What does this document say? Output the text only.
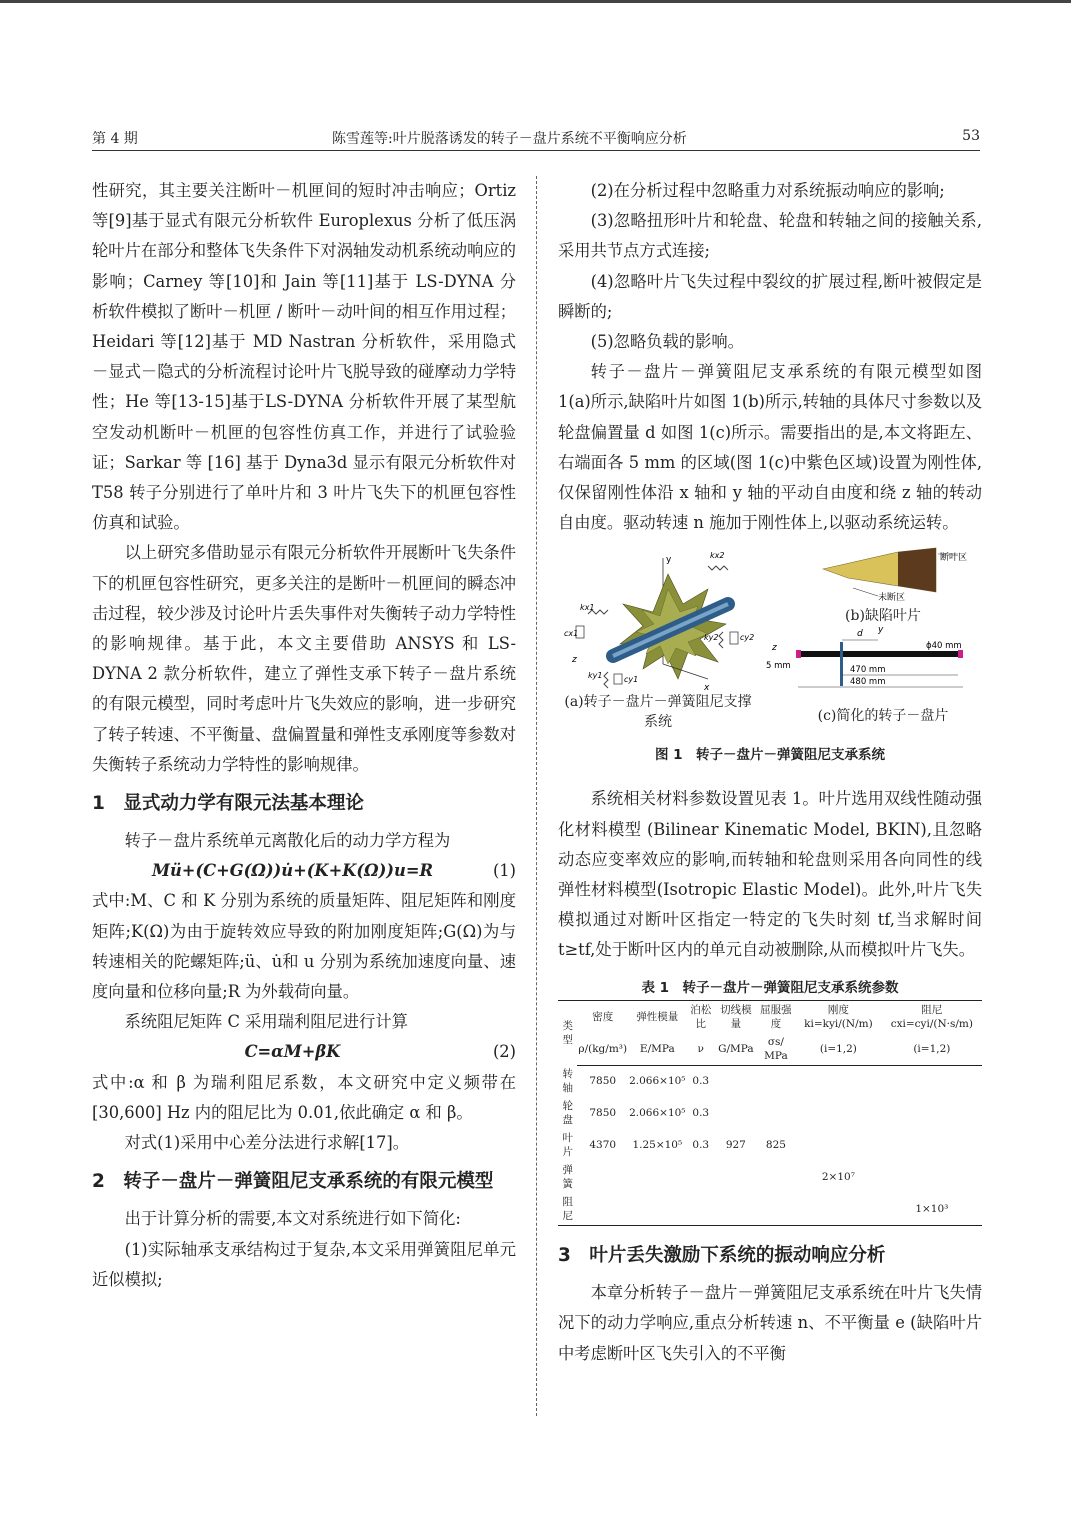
第 4 期	陈雪莲等:叶片脱落诱发的转子－盘片系统不平衡响应分析	53

性研究，其主要关注断叶－机匣间的短时冲击响应；Ortiz 等[9]基于显式有限元分析软件 Europlexus 分析了低压涡轮叶片在部分和整体飞失条件下对涡轴发动机系统动响应的影响；Carney 等[10]和 Jain 等[11]基于 LS-DYNA 分析软件模拟了断叶－机匣 / 断叶－动叶间的相互作用过程；Heidari 等[12]基于 MD Nastran 分析软件，采用隐式－显式－隐式的分析流程讨论叶片飞脱导致的碰摩动力学特性；He 等[13-15]基于LS-DYNA 分析软件开展了某型航空发动机断叶－机匣的包容性仿真工作，并进行了试验验证；Sarkar 等 [16] 基于 Dyna3d 显示有限元分析软件对 T58 转子分别进行了单叶片和 3 叶片飞失下的机匣包容性仿真和试验。

以上研究多借助显示有限元分析软件开展断叶飞失条件下的机匣包容性研究，更多关注的是断叶－机匣间的瞬态冲击过程，较少涉及讨论叶片丢失事件对失衡转子动力学特性的影响规律。基于此，本文主要借助 ANSYS 和 LS-DYNA 2 款分析软件，建立了弹性支承下转子－盘片系统的有限元模型，同时考虑叶片飞失效应的影响，进一步研究了转子转速、不平衡量、盘偏置量和弹性支承刚度等参数对失衡转子系统动力学特性的影响规律。

1　显式动力学有限元法基本理论

转子－盘片系统单元离散化后的动力学方程为

Mü+(C+G(Ω))u̇+(K+K(Ω))u=R	(1)

式中:M、C 和 K 分别为系统的质量矩阵、阻尼矩阵和刚度矩阵;K(Ω)为由于旋转效应导致的附加刚度矩阵;G(Ω)为与转速相关的陀螺矩阵;ü、u̇和 u 分别为系统加速度向量、速度向量和位移向量;R 为外载荷向量。

系统阻尼矩阵 C 采用瑞利阻尼进行计算

C=αM+βK	(2)

式中:α 和 β 为瑞利阻尼系数，本文研究中定义频带在[30,600] Hz 内的阻尼比为 0.01,依此确定 α 和 β。

对式(1)采用中心差分法进行求解[17]。

2　转子－盘片－弹簧阻尼支承系统的有限元模型

出于计算分析的需要,本文对系统进行如下简化:

(1)实际轴承支承结构过于复杂,本文采用弹簧阻尼单元近似模拟;

(2)在分析过程中忽略重力对系统振动响应的影响;

(3)忽略扭形叶片和轮盘、轮盘和转轴之间的接触关系,采用共节点方式连接;

(4)忽略叶片飞失过程中裂纹的扩展过程,断叶被假定是瞬断的;

(5)忽略负载的影响。

转子－盘片－弹簧阻尼支承系统的有限元模型如图 1(a)所示,缺陷叶片如图 1(b)所示,转轴的具体尺寸参数以及轮盘偏置量 d 如图 1(c)所示。需要指出的是,本文将距左、右端面各 5 mm 的区域(图 1(c)中紫色区域)设置为刚性体,仅保留刚性体沿 x 轴和 y 轴的平动自由度和绕 z 轴的转动自由度。驱动转速 n 施加于刚性体上,以驱动系统运转。

y
kx1
cx1
ky1	cy1
kx2
ky2	cy2
x
z
断叶区
未断区
d y
z	ϕ40 mm
5 mm	470 mm
480 mm
(a)转子－盘片－弹簧阻尼支撑系统
(b)缺陷叶片
(c)简化的转子－盘片
图 1　转子－盘片－弹簧阻尼支承系统

系统相关材料参数设置见表 1。叶片选用双线性随动强化材料模型 (Bilinear Kinematic Model, BKIN),且忽略动态应变率效应的影响,而转轴和轮盘则采用各向同性的线弹性材料模型(Isotropic Elastic Model)。此外,叶片飞失模拟通过对断叶区指定一特定的飞失时刻 tf,当求解时间 t≥tf,处于断叶区内的单元自动被删除,从而模拟叶片飞失。

表 1　转子－盘片－弹簧阻尼支承系统参数
类型	密度	弹性模量	泊松比	切线模量	屈服强度	刚度 ki=kyi/(N/m)	阻尼 cxi=cyi/(N·s/m)
	ρ/(kg/m³)	E/MPa	ν	G/MPa	σs/ MPa	(i=1,2)	(i=1,2)
转轴	7850	2.066×10⁵	0.3				
轮盘	7850	2.066×10⁵	0.3				
叶片	4370	1.25×10⁵	0.3	927	825		
弹簧						2×10⁷	
阻尼							1×10³
3　叶片丢失激励下系统的振动响应分析

本章分析转子－盘片－弹簧阻尼支承系统在叶片飞失情况下的动力学响应,重点分析转速 n、不平衡量 e (缺陷叶片中考虑断叶区飞失引入的不平衡
